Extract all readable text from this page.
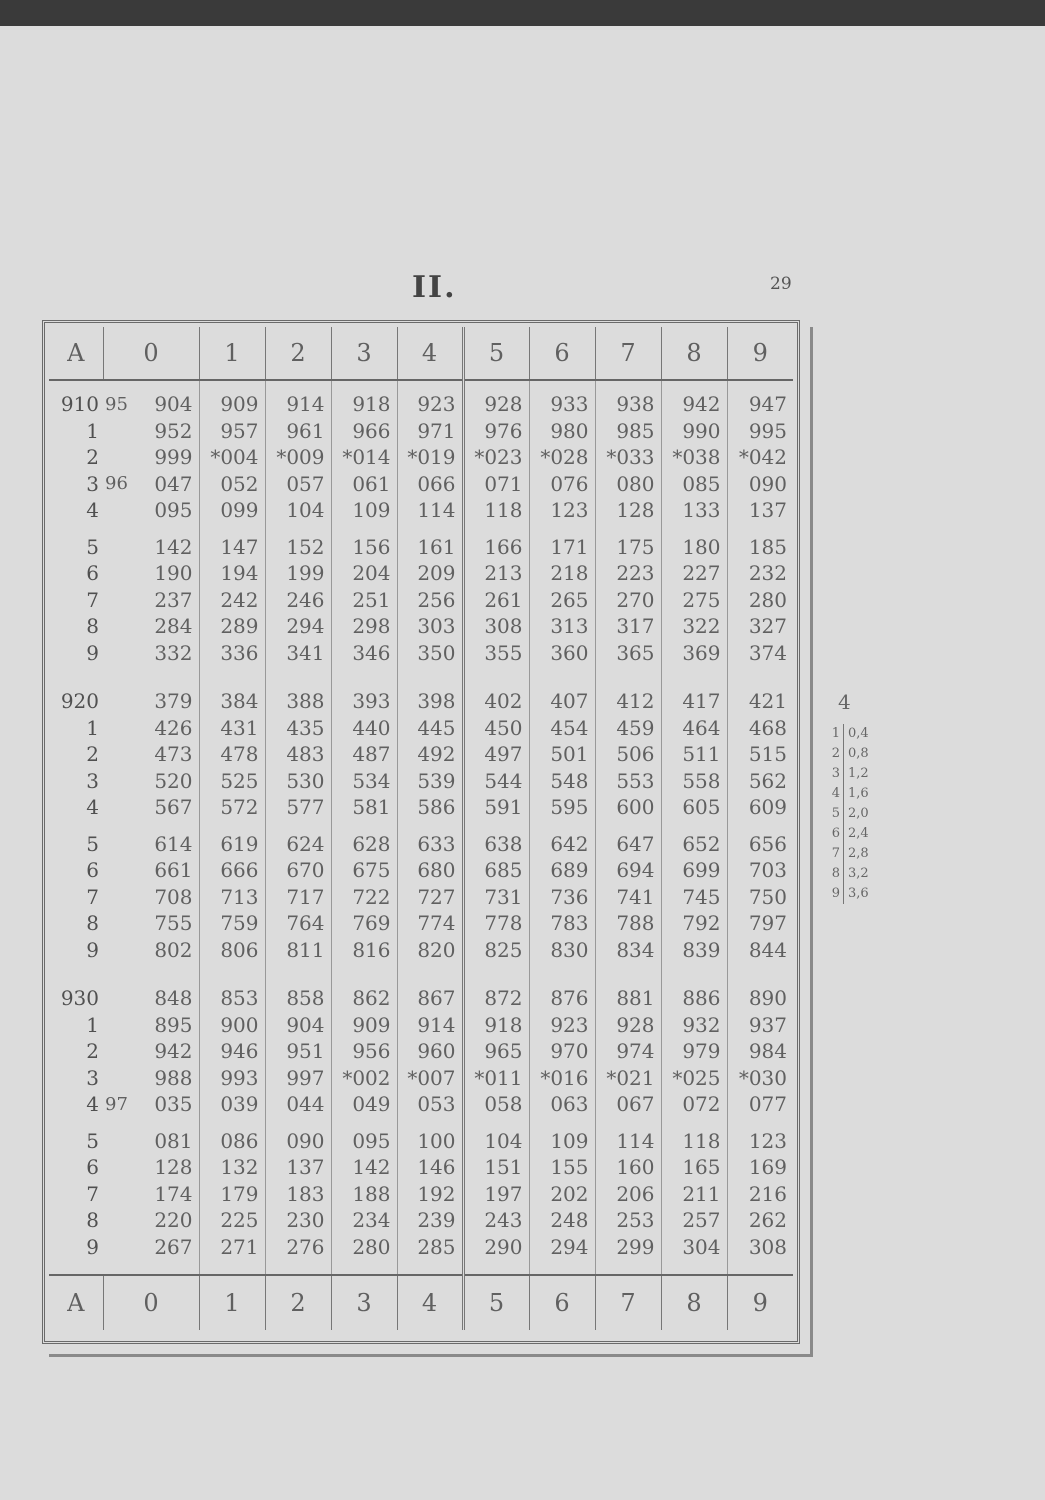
II.	29
A	0		1	2	3	4	5	6	7	8	9
910	95	904	909	914	918	923	928	933	938	942	947
1		952	957	961	966	971	976	980	985	990	995
2		999	*004	*009	*014	*019	*023	*028	*033	*038	*042
3	96	047	052	057	061	066	071	076	080	085	090
4		095	099	104	109	114	118	123	128	133	137
5		142	147	152	156	161	166	171	175	180	185
6		190	194	199	204	209	213	218	223	227	232
7		237	242	246	251	256	261	265	270	275	280
8		284	289	294	298	303	308	313	317	322	327
9		332	336	341	346	350	355	360	365	369	374
920		379	384	388	393	398	402	407	412	417	421
1		426	431	435	440	445	450	454	459	464	468
2		473	478	483	487	492	497	501	506	511	515
3		520	525	530	534	539	544	548	553	558	562
4		567	572	577	581	586	591	595	600	605	609
5		614	619	624	628	633	638	642	647	652	656
6		661	666	670	675	680	685	689	694	699	703
7		708	713	717	722	727	731	736	741	745	750
8		755	759	764	769	774	778	783	788	792	797
9		802	806	811	816	820	825	830	834	839	844
930		848	853	858	862	867	872	876	881	886	890
1		895	900	904	909	914	918	923	928	932	937
2		942	946	951	956	960	965	970	974	979	984
3		988	993	997	*002	*007	*011	*016	*021	*025	*030
4	97	035	039	044	049	053	058	063	067	072	077
5		081	086	090	095	100	104	109	114	118	123
6		128	132	137	142	146	151	155	160	165	169
7		174	179	183	188	192	197	202	206	211	216
8		220	225	230	234	239	243	248	253	257	262
9		267	271	276	280	285	290	294	299	304	308
A	0		1	2	3	4	5	6	7	8	9
4
1 0,4
2 0,8
3 1,2
4 1,6
5 2,0
6 2,4
7 2,8
8 3,2
9 3,6
